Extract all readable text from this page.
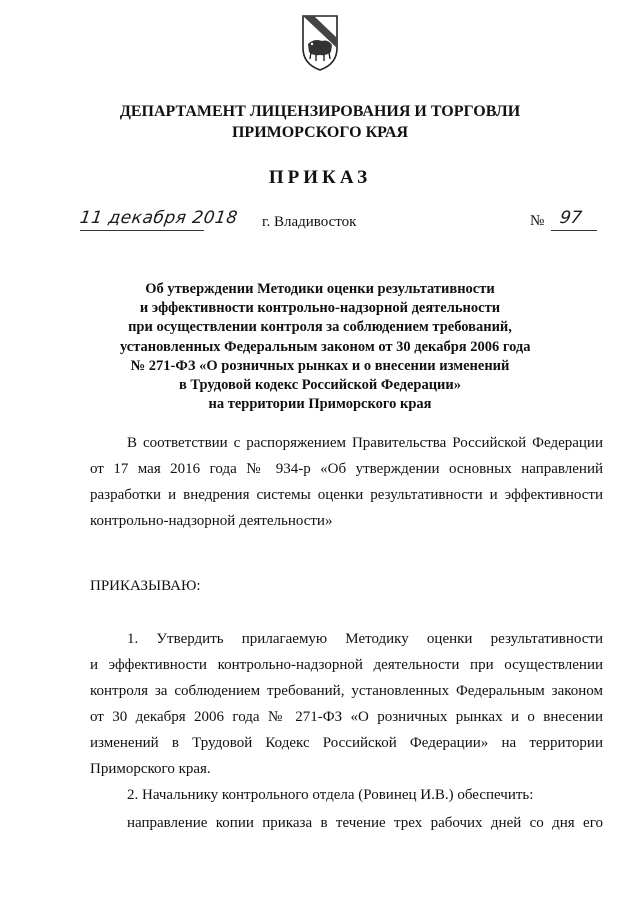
ДЕПАРТАМЕНТ ЛИЦЕНЗИРОВАНИЯ И ТОРГОВЛИ
ПРИМОРСКОГО КРАЯ
ПРИКАЗ
11 декабря 2018 г. Владивосток	№ 97
Об утверждении Методики оценки результативности
и эффективности контрольно-надзорной деятельности
при осуществлении контроля за соблюдением требований,
установленных Федеральным законом от 30 декабря 2006 года
№ 271-ФЗ «О розничных рынках и о внесении изменений
в Трудовой кодекс Российской Федерации»
на территории Приморского края
В соответствии с распоряжением Правительства Российской Федерации
от 17 мая 2016 года № 934-р «Об утверждении основных направлений
разработки и внедрения системы оценки результативности и эффективности
контрольно-надзорной деятельности»
ПРИКАЗЫВАЮ:
1. Утвердить прилагаемую Методику оценки результативности
и эффективности контрольно-надзорной деятельности при осуществлении
контроля за соблюдением требований, установленных Федеральным законом
от 30 декабря 2006 года № 271-ФЗ «О розничных рынках и о внесении
изменений в Трудовой Кодекс Российской Федерации» на территории
Приморского края.
2. Начальнику контрольного отдела (Ровинец И.В.) обеспечить:
направление копии приказа в течение трех рабочих дней со дня его
